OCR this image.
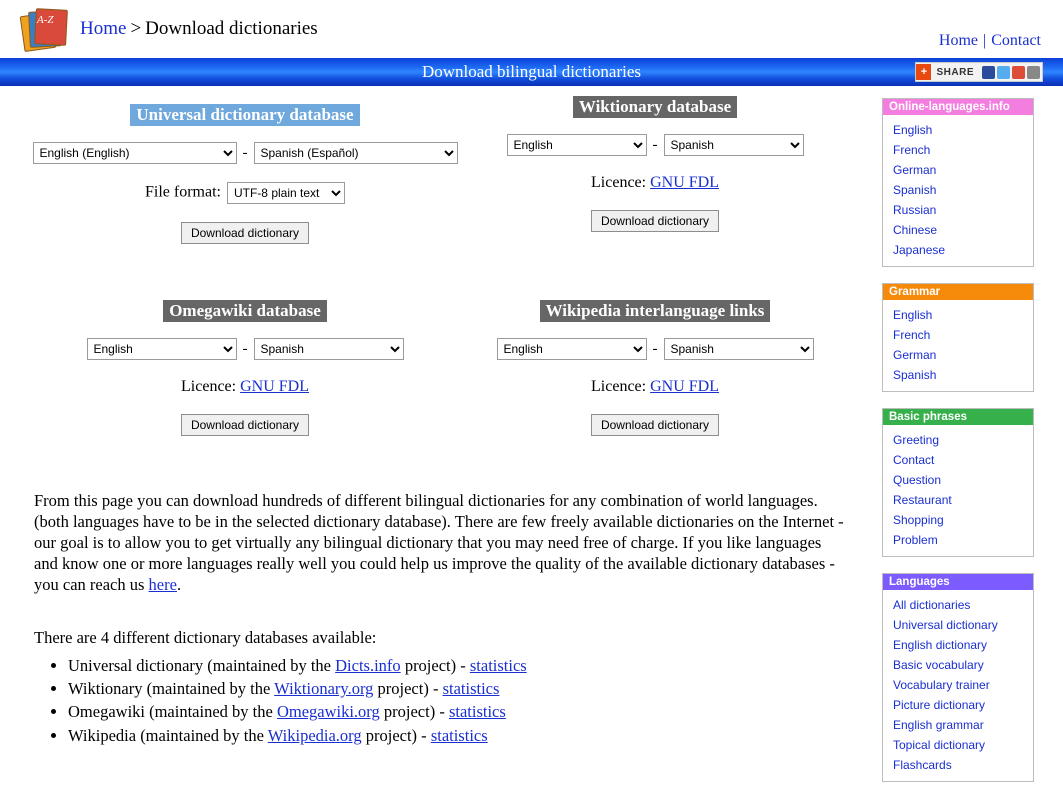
A-Z Home > Download dictionaries
Home | Contact
Download bilingual dictionaries	+ SHARE
Universal dictionary database
English (English)
-
Spanish (Español)
File format:
UTF-8 plain text
Download dictionary
Wiktionary database
English
-
Spanish
Licence: GNU FDL
Download dictionary
Omegawiki database
English
-
Spanish
Licence: GNU FDL
Download dictionary
Wikipedia interlanguage links
English
-
Spanish
Licence: GNU FDL
Download dictionary

From this page you can download hundreds of different bilingual dictionaries for any combination of world languages. (both languages have to be in the selected dictionary database). There are few freely available dictionaries on the Internet - our goal is to allow you to get virtually any bilingual dictionary that you may need free of charge. If you like languages and know one or more languages really well you could help us improve the quality of the available dictionary databases - you can reach us here.

There are 4 different dictionary databases available:

• Universal dictionary (maintained by the Dicts.info project) - statistics
• Wiktionary (maintained by the Wiktionary.org project) - statistics
• Omegawiki (maintained by the Omegawiki.org project) - statistics
• Wikipedia (maintained by the Wikipedia.org project) - statistics
Online-languages.info
English
French
German
Spanish
Russian
Chinese
Japanese
Grammar
English
French
German
Spanish
Basic phrases
Greeting
Contact
Question
Restaurant
Shopping
Problem
Languages
All dictionaries
Universal dictionary
English dictionary
Basic vocabulary
Vocabulary trainer
Picture dictionary
English grammar
Topical dictionary
Flashcards
